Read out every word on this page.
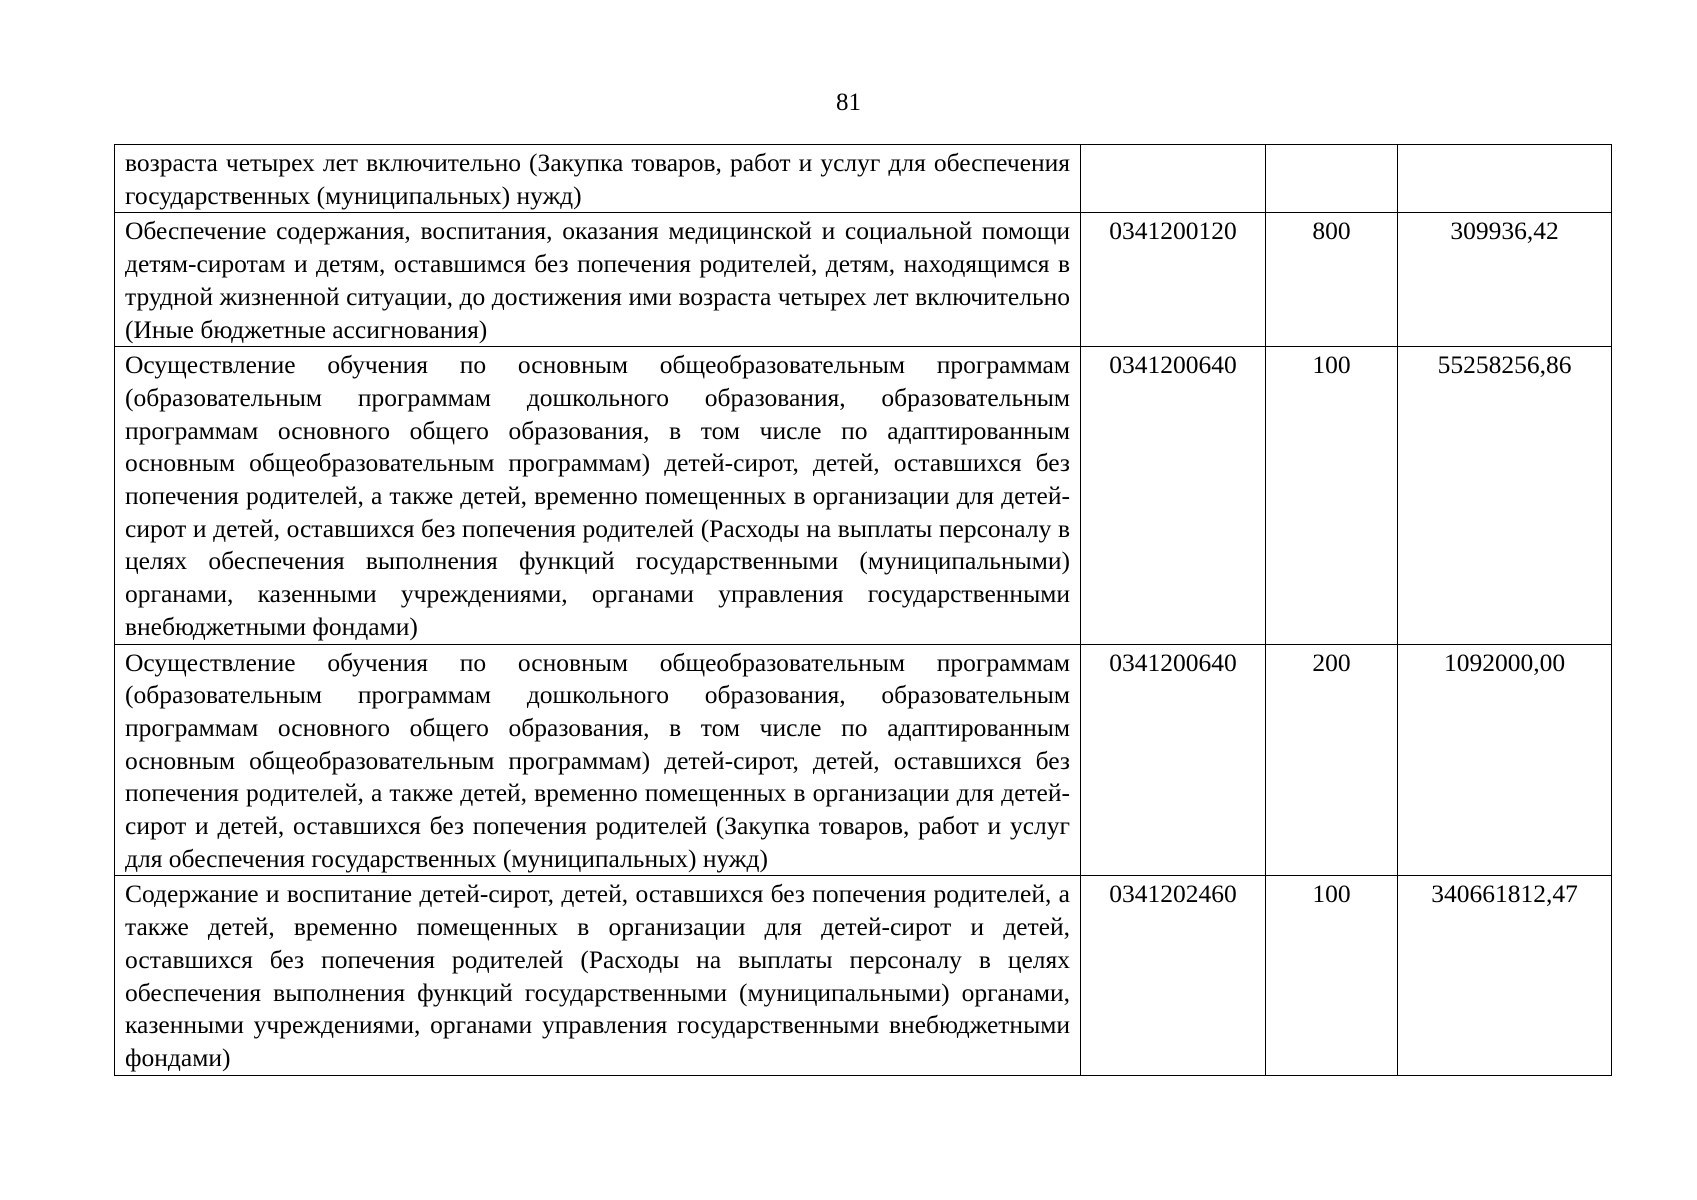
81
возраста четырех лет включительно (Закупка товаров, работ и услуг для обеспечения государственных (муниципальных) нужд)			
Обеспечение содержания, воспитания, оказания медицинской и социальной помощи детям-сиротам и детям, оставшимся без попечения родителей, детям, находящимся в трудной жизненной ситуации, до достижения ими возраста четырех лет включительно (Иные бюджетные ассигнования)	0341200120	800	309936,42
Осуществление обучения по основным общеобразовательным программам (образовательным программам дошкольного образования, образовательным программам основного общего образования, в том числе по адаптированным основным общеобразовательным программам) детей-сирот, детей, оставшихся без попечения родителей, а также детей, временно помещенных в организации для детей-сирот и детей, оставшихся без попечения родителей (Расходы на выплаты персоналу в целях обеспечения выполнения функций государственными (муниципальными) органами, казенными учреждениями, органами управления государственными внебюджетными фондами)	0341200640	100	55258256,86
Осуществление обучения по основным общеобразовательным программам (образовательным программам дошкольного образования, образовательным программам основного общего образования, в том числе по адаптированным основным общеобразовательным программам) детей-сирот, детей, оставшихся без попечения родителей, а также детей, временно помещенных в организации для детей-сирот и детей, оставшихся без попечения родителей (Закупка товаров, работ и услуг для обеспечения государственных (муниципальных) нужд)	0341200640	200	1092000,00
Содержание и воспитание детей-сирот, детей, оставшихся без попечения родителей, а также детей, временно помещенных в организации для детей-сирот и детей, оставшихся без попечения родителей (Расходы на выплаты персоналу в целях обеспечения выполнения функций государственными (муниципальными) органами, казенными учреждениями, органами управления государственными внебюджетными фондами)	0341202460	100	340661812,47
